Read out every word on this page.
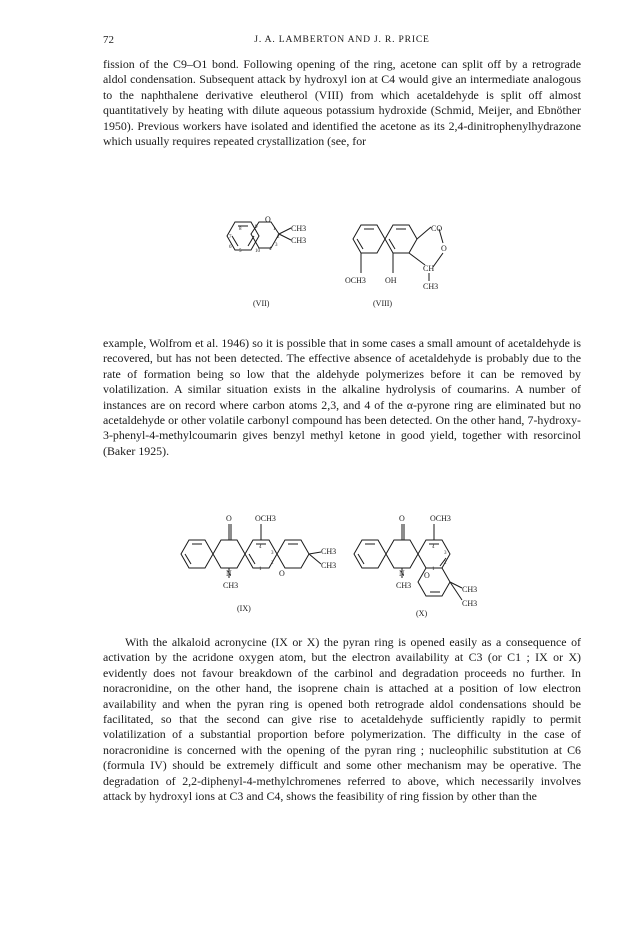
72	J. A. LAMBERTON AND J. R. PRICE

fission of the C9–O1 bond. Following opening of the ring, acetone can split off by a retrograde aldol condensation. Subsequent attack by hydroxyl ion at C4 would give an intermediate analogous to the naphthalene derivative eleutherol (VIII) from which acetaldehyde is split off almost quantitatively by heating with dilute aqueous potassium hydroxide (Schmid, Meijer, and Ebnöther 1950). Previous workers have isolated and identified the acetone as its 2,4-dinitrophenylhydrazone which usually requires repeated crystallization (see, for

O
CH3
CH3
8	9	1
2
7
6
5	10 4
3
(VII)
CO
O
CH
OCH3 OH
CH3
(VIII)

example, Wolfrom et al. 1946) so it is possible that in some cases a small amount of acetaldehyde is recovered, but has not been detected. The effective absence of acetaldehyde is probably due to the rate of formation being so low that the aldehyde polymerizes before it can be removed by volatilization. A similar situation exists in the alkaline hydrolysis of coumarins. A number of instances are on record where carbon atoms 2,3, and 4 of the α-pyrone ring are eliminated but no acetaldehyde or other volatile carbonyl compound has been detected. On the other hand, 7-hydroxy-3-phenyl-4-methylcoumarin gives benzyl methyl ketone in good yield, together with resorcinol (Baker 1925).

O	OCH3
N
CH3
O
CH3
CH3
4
3
2
1
(IX)
O	OCH3
N
CH3
O
CH3
CH3
4
3
2
1
(X)

With the alkaloid acronycine (IX or X) the pyran ring is opened easily as a consequence of activation by the acridone oxygen atom, but the electron availability at C3 (or C1 ; IX or X) evidently does not favour breakdown of the carbinol and degradation proceeds no further. In noracronidine, on the other hand, the isoprene chain is attached at a position of low electron availability and when the pyran ring is opened both retrograde aldol condensations should be facilitated, so that the second can give rise to acetaldehyde sufficiently rapidly to permit volatilization of a substantial proportion before polymerization. The difficulty in the case of noracronidine is concerned with the opening of the pyran ring ; nucleophilic substitution at C6 (formula IV) should be extremely difficult and some other mechanism may be operative. The degradation of 2,2-diphenyl-4-methylchromenes referred to above, which necessarily involves attack by hydroxyl ions at C3 and C4, shows the feasibility of ring fission by other than the
